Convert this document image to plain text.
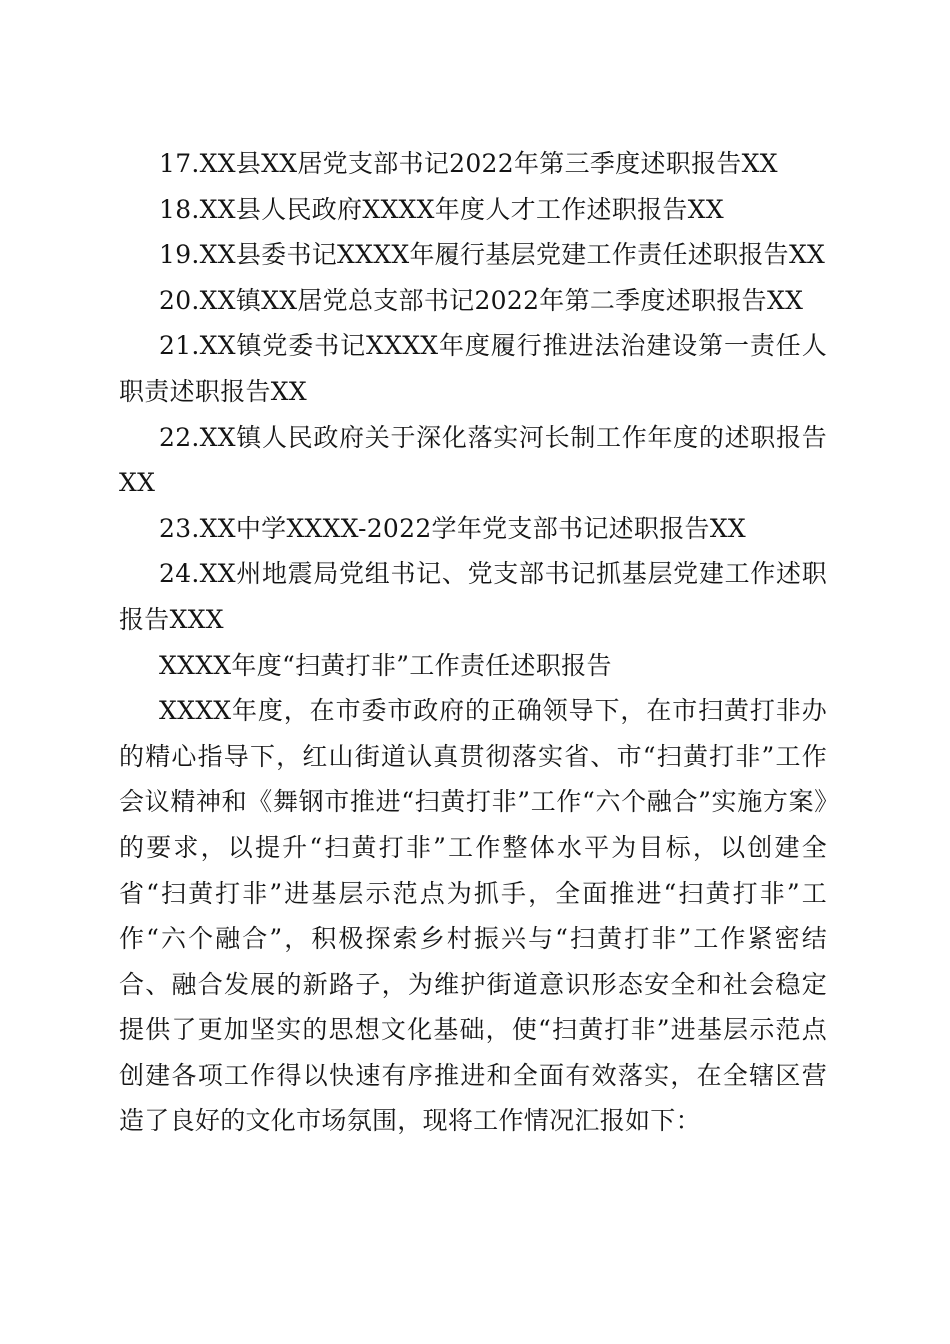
17.XX县XX居党支部书记2022年第三季度述职报告XX

18.XX县人民政府XXXX年度人才工作述职报告XX

19.XX县委书记XXXX年履行基层党建工作责任述职报告XX

20.XX镇XX居党总支部书记2022年第二季度述职报告XX

21.XX镇党委书记XXXX年度履行推进法治建设第一责任人职责述职报告XX

22.XX镇人民政府关于深化落实河长制工作年度的述职报告XX

23.XX中学XXXX-2022学年党支部书记述职报告XX

24.XX州地震局党组书记、党支部书记抓基层党建工作述职报告XXX

XXXX年度“扫黄打非”工作责任述职报告

XXXX年度，在市委市政府的正确领导下，在市扫黄打非办的精心指导下，红山街道认真贯彻落实省、市“扫黄打非”工作会议精神和《舞钢市推进“扫黄打非”工作“六个融合”实施方案》的要求，以提升“扫黄打非”工作整体水平为目标，以创建全省“扫黄打非”进基层示范点为抓手，全面推进“扫黄打非”工作“六个融合”，积极探索乡村振兴与“扫黄打非”工作紧密结合、融合发展的新路子，为维护街道意识形态安全和社会稳定提供了更加坚实的思想文化基础，使“扫黄打非”进基层示范点创建各项工作得以快速有序推进和全面有效落实，在全辖区营造了良好的文化市场氛围，现将工作情况汇报如下：
